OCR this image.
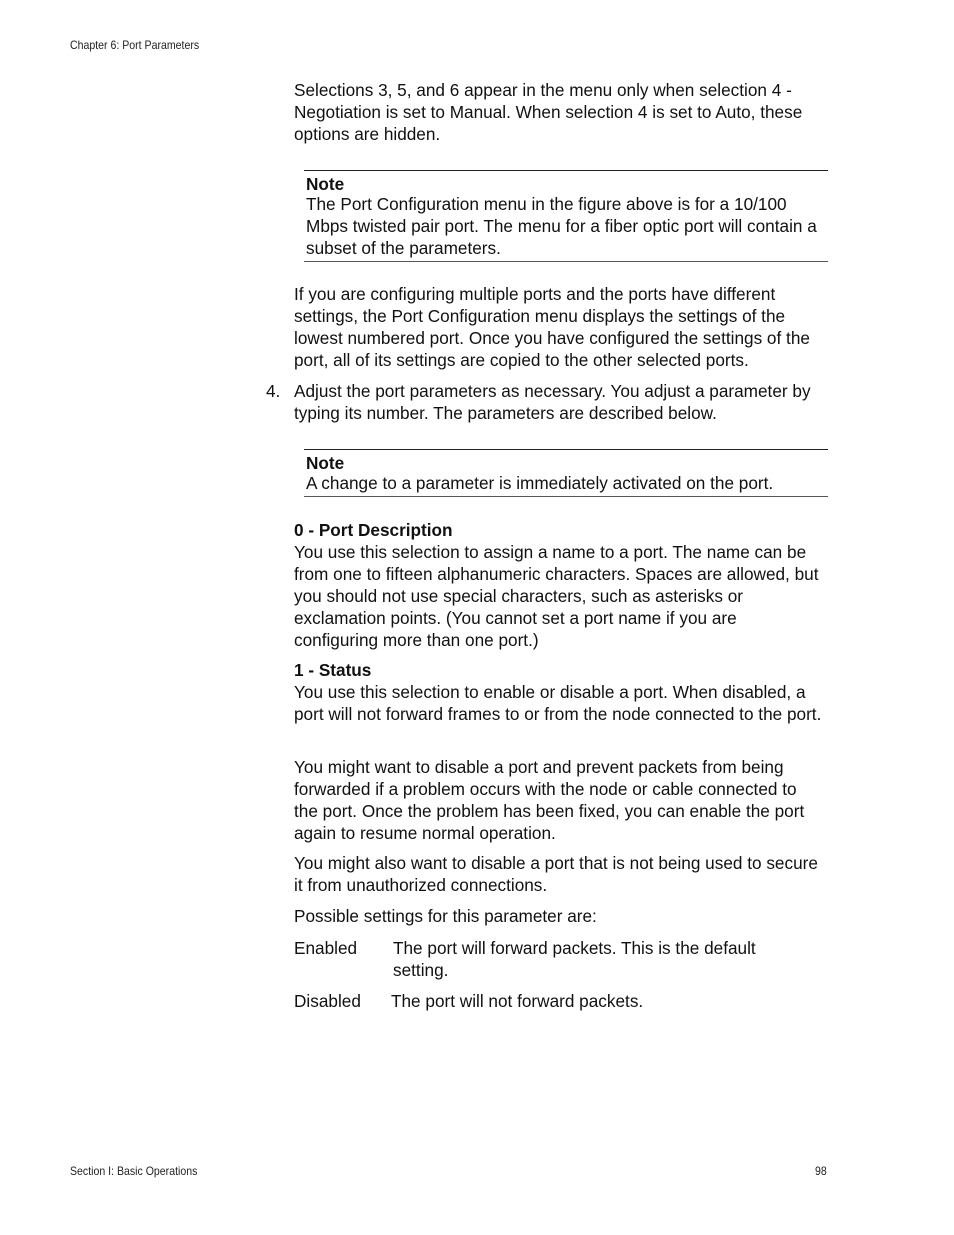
Chapter 6: Port Parameters

Selections 3, 5, and 6 appear in the menu only when selection 4 - Negotiation is set to Manual. When selection 4 is set to Auto, these options are hidden.

Note

The Port Configuration menu in the figure above is for a 10/100 Mbps twisted pair port. The menu for a fiber optic port will contain a subset of the parameters.

If you are configuring multiple ports and the ports have different settings, the Port Configuration menu displays the settings of the lowest numbered port. Once you have configured the settings of the port, all of its settings are copied to the other selected ports.

4. Adjust the port parameters as necessary. You adjust a parameter by typing its number. The parameters are described below.

Note

A change to a parameter is immediately activated on the port.

0 - Port Description

You use this selection to assign a name to a port. The name can be from one to fifteen alphanumeric characters. Spaces are allowed, but you should not use special characters, such as asterisks or exclamation points. (You cannot set a port name if you are configuring more than one port.)

1 - Status

You use this selection to enable or disable a port. When disabled, a port will not forward frames to or from the node connected to the port.

You might want to disable a port and prevent packets from being forwarded if a problem occurs with the node or cable connected to the port. Once the problem has been fixed, you can enable the port again to resume normal operation.

You might also want to disable a port that is not being used to secure it from unauthorized connections.

Possible settings for this parameter are:

Enabled The port will forward packets. This is the default setting.
Disabled The port will not forward packets.
Section I: Basic Operations	98
